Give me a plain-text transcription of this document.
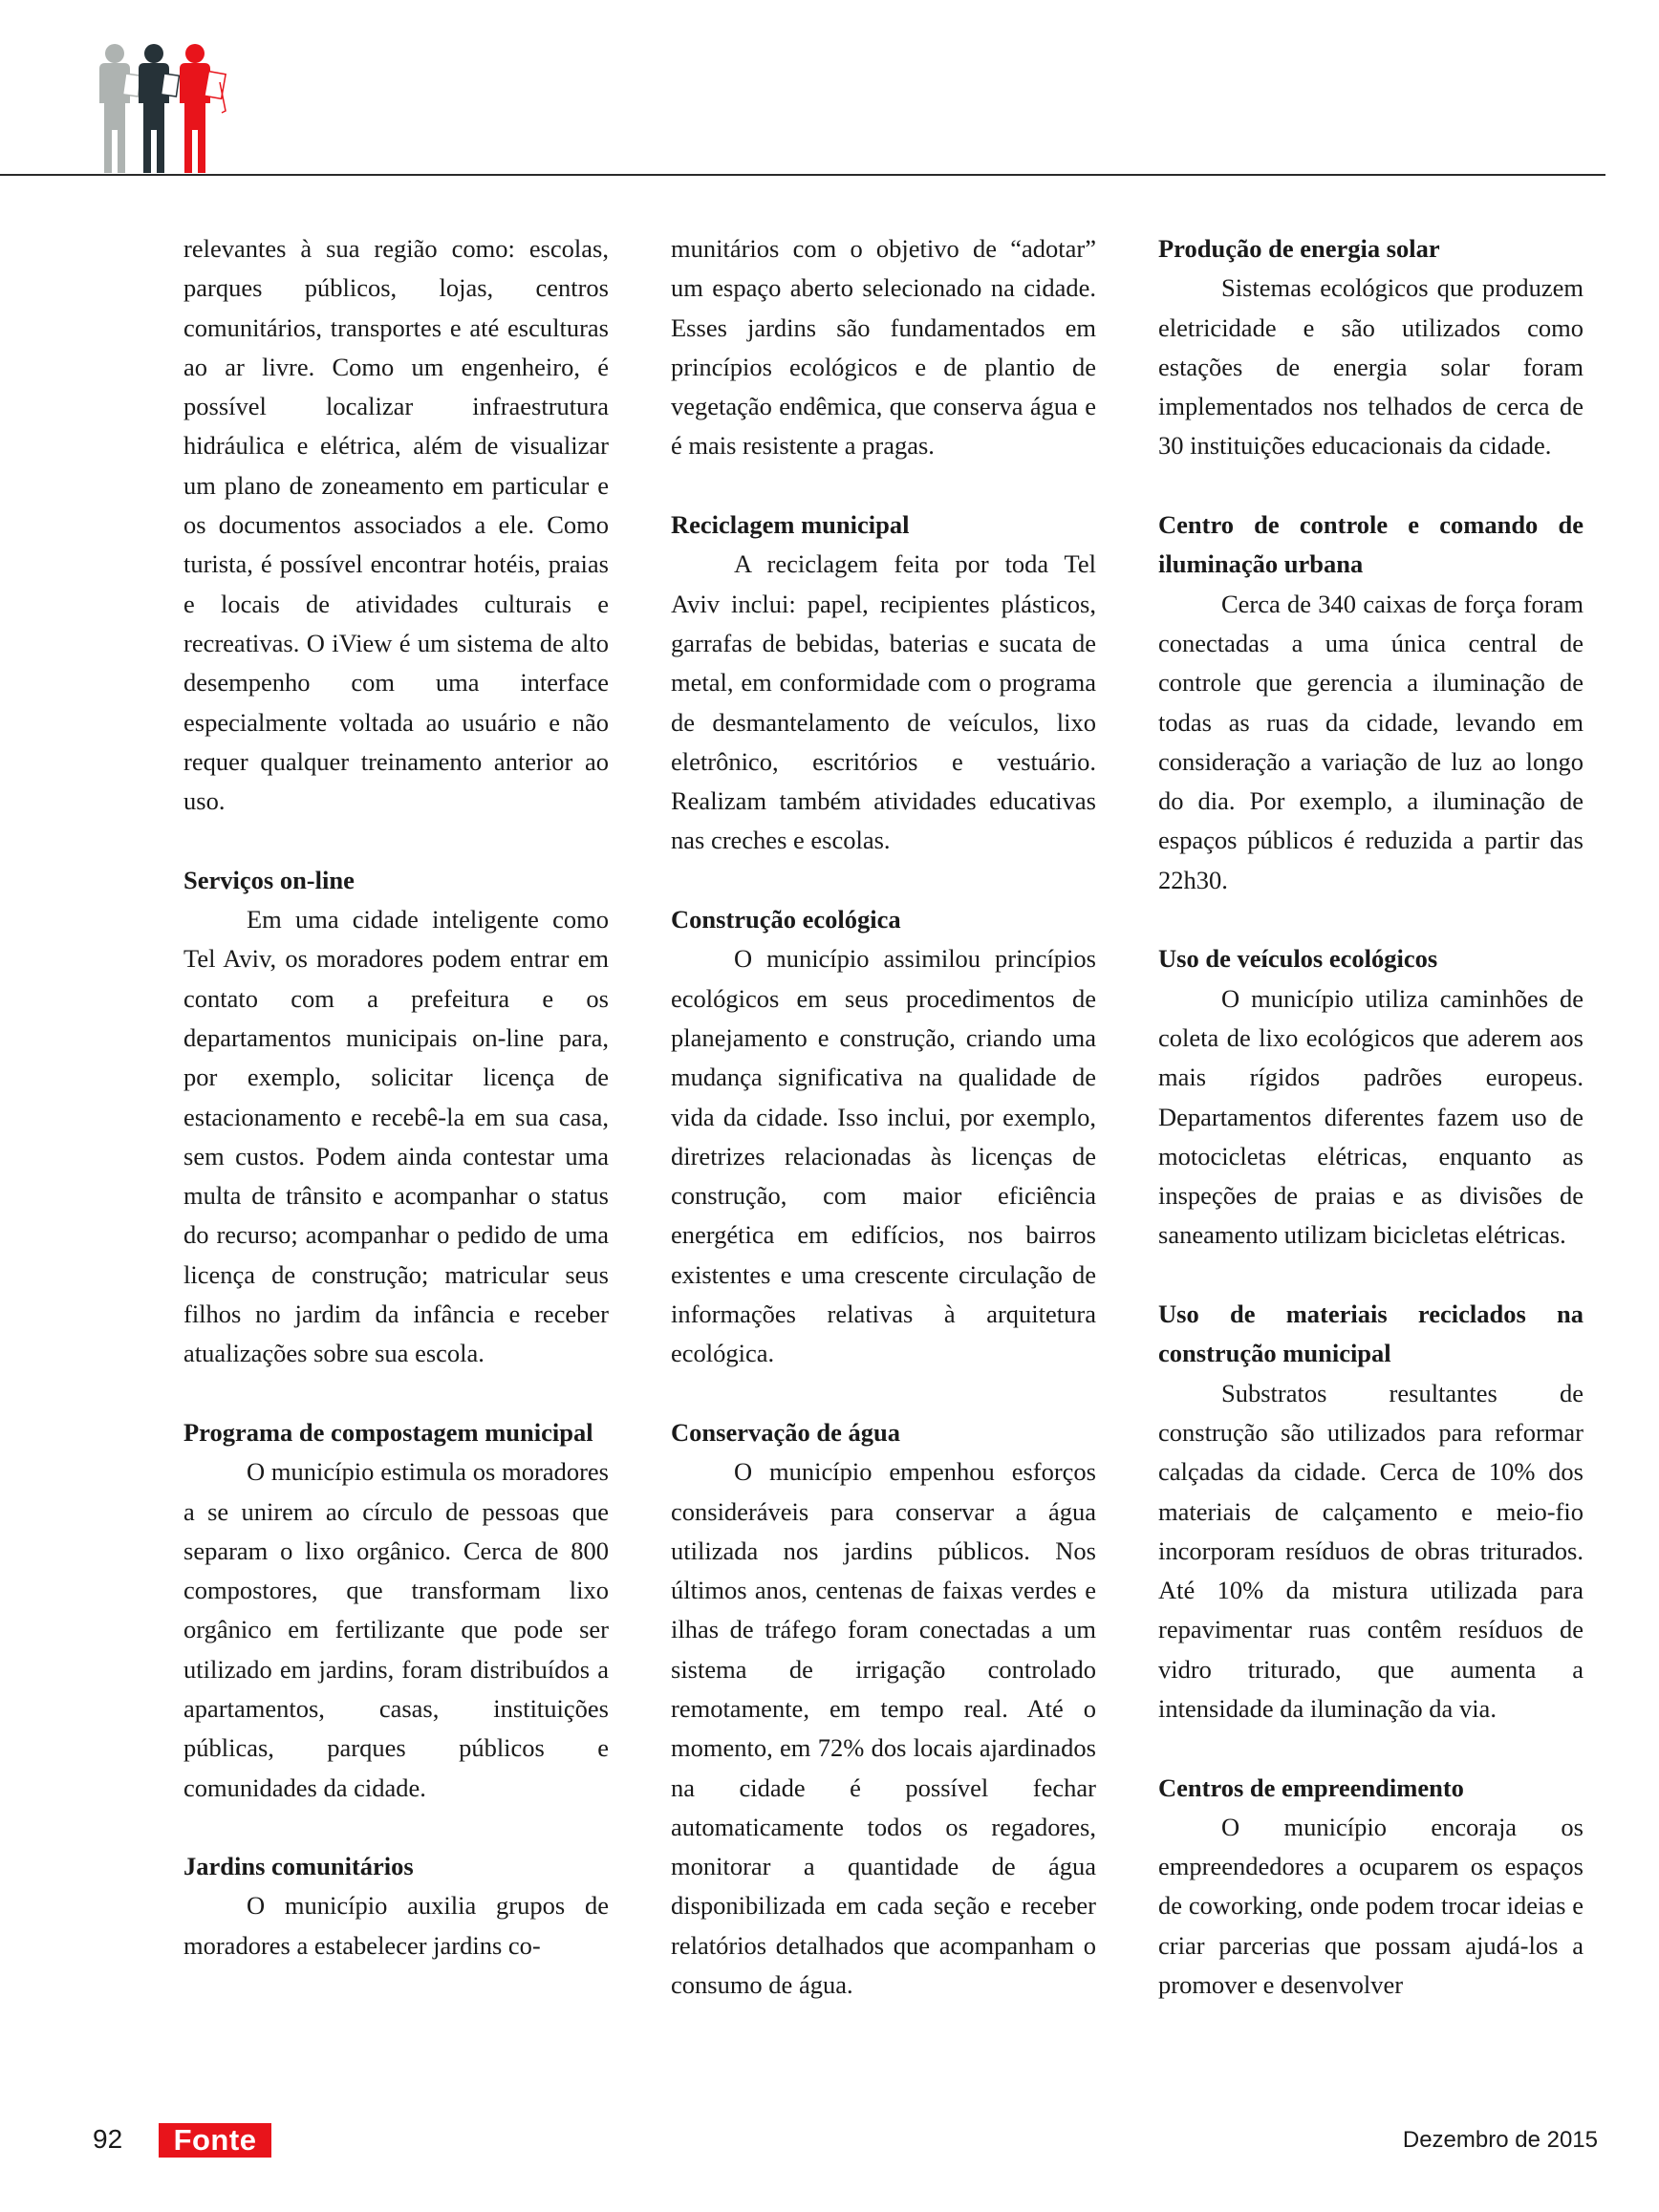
relevantes à sua região como: escolas, parques públicos, lojas, centros comunitários, transportes e até esculturas ao ar livre. Como um engenheiro, é possível localizar infraestrutura hidráulica e elétrica, além de visualizar um plano de zoneamento em particular e os documentos associados a ele. Como turista, é possível encontrar hotéis, praias e locais de atividades culturais e recreativas. O iView é um sistema de alto desempenho com uma interface especialmente voltada ao usuário e não requer qualquer treinamento anterior ao uso.

Serviços on-line

Em uma cidade inteligente como Tel Aviv, os moradores podem entrar em contato com a prefeitura e os departamentos municipais on-line para, por exemplo, solicitar licença de estacionamento e recebê-la em sua casa, sem custos. Podem ainda contestar uma multa de trânsito e acompanhar o status do recurso; acompanhar o pedido de uma licença de construção; matricular seus filhos no jardim da infância e receber atualizações sobre sua escola.

Programa de compostagem municipal

O município estimula os moradores a se unirem ao círculo de pessoas que separam o lixo orgânico. Cerca de 800 compostores, que transformam lixo orgânico em fertilizante que pode ser utilizado em jardins, foram distribuídos a apartamentos, casas, instituições públicas, parques públicos e comunidades da cidade.

Jardins comunitários

O município auxilia grupos de moradores a estabelecer jardins co-

munitários com o objetivo de “adotar” um espaço aberto selecionado na cidade. Esses jardins são fundamentados em princípios ecológicos e de plantio de vegetação endêmica, que conserva água e é mais resistente a pragas.

Reciclagem municipal

A reciclagem feita por toda Tel Aviv inclui: papel, recipientes plásticos, garrafas de bebidas, baterias e sucata de metal, em conformidade com o programa de desmantelamento de veículos, lixo eletrônico, escritórios e vestuário. Realizam também atividades educativas nas creches e escolas.

Construção ecológica

O município assimilou princípios ecológicos em seus procedimentos de planejamento e construção, criando uma mudança significativa na qualidade de vida da cidade. Isso inclui, por exemplo, diretrizes relacionadas às licenças de construção, com maior eficiência energética em edifícios, nos bairros existentes e uma crescente circulação de informações relativas à arquitetura ecológica.

Conservação de água

O município empenhou esforços consideráveis para conservar a água utilizada nos jardins públicos. Nos últimos anos, centenas de faixas verdes e ilhas de tráfego foram conectadas a um sistema de irrigação controlado remotamente, em tempo real. Até o momento, em 72% dos locais ajardinados na cidade é possível fechar automaticamente todos os regadores, monitorar a quantidade de água disponibilizada em cada seção e receber relatórios detalhados que acompanham o consumo de água.

Produção de energia solar

Sistemas ecológicos que produzem eletricidade e são utilizados como estações de energia solar foram implementados nos telhados de cerca de 30 instituições educacionais da cidade.

Centro de controle e comando de iluminação urbana

Cerca de 340 caixas de força foram conectadas a uma única central de controle que gerencia a iluminação de todas as ruas da cidade, levando em consideração a variação de luz ao longo do dia. Por exemplo, a iluminação de espaços públicos é reduzida a partir das 22h30.

Uso de veículos ecológicos

O município utiliza caminhões de coleta de lixo ecológicos que aderem aos mais rígidos padrões europeus. Departamentos diferentes fazem uso de motocicletas elétricas, enquanto as inspeções de praias e as divisões de saneamento utilizam bicicletas elétricas.

Uso de materiais reciclados na construção municipal

Substratos resultantes de construção são utilizados para reformar calçadas da cidade. Cerca de 10% dos materiais de calçamento e meio-fio incorporam resíduos de obras triturados. Até 10% da mistura utilizada para repavimentar ruas contêm resíduos de vidro triturado, que aumenta a intensidade da iluminação da via.

Centros de empreendimento

O município encoraja os empreendedores a ocuparem os espaços de coworking, onde podem trocar ideias e criar parcerias que possam ajudá-los a promover e desenvolver

92	Fonte	Dezembro de 2015
